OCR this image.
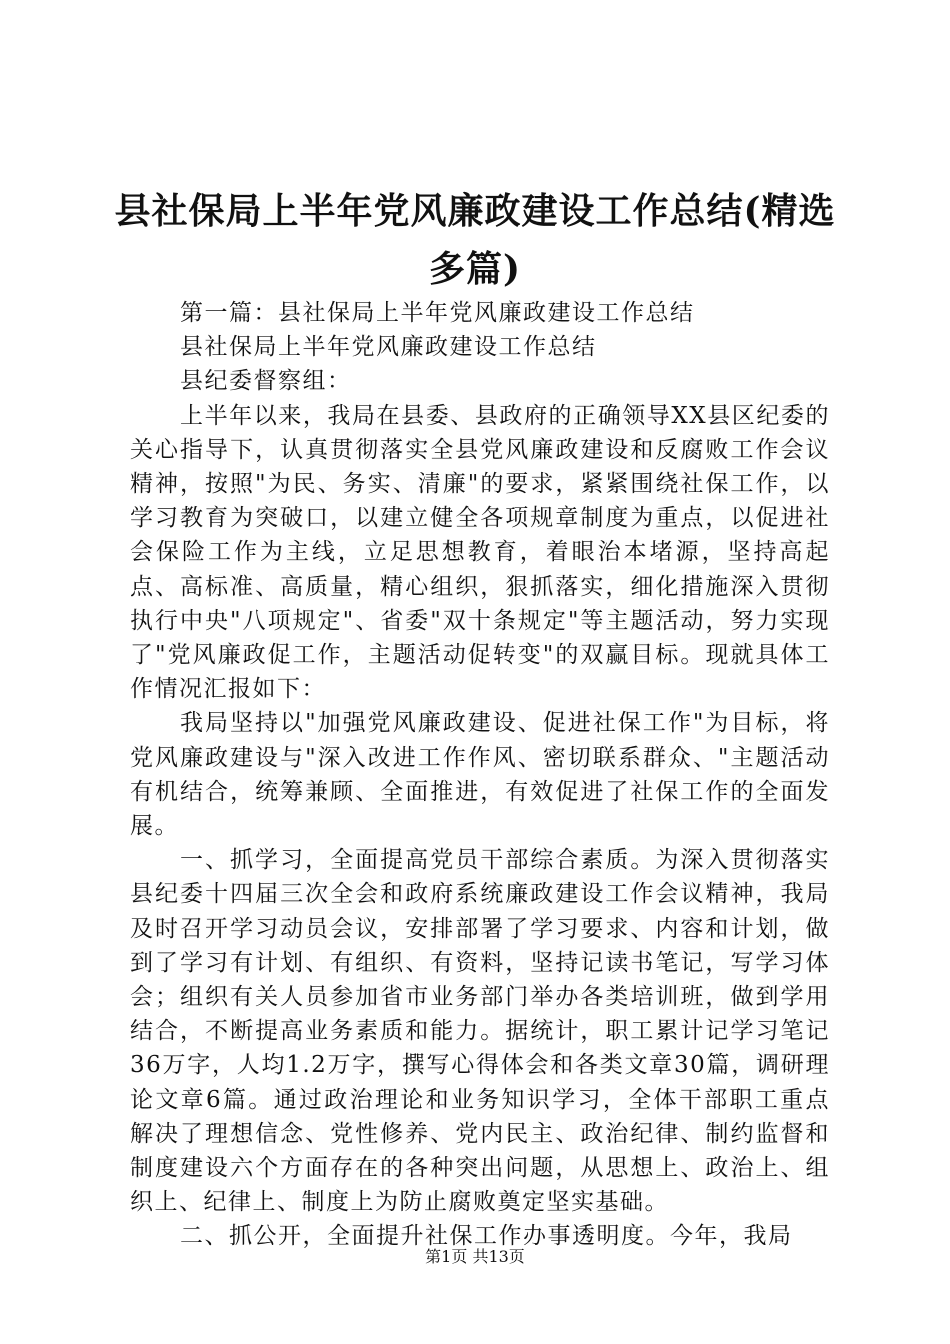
县社保局上半年党风廉政建设工作总结(精选
多篇)

第一篇：县社保局上半年党风廉政建设工作总结

县社保局上半年党风廉政建设工作总结

县纪委督察组：

上半年以来，我局在县委、县政府的正确领导XX县区纪委的关心指导下，认真贯彻落实全县党风廉政建设和反腐败工作会议精神，按照"为民、务实、清廉"的要求，紧紧围绕社保工作，以学习教育为突破口，以建立健全各项规章制度为重点，以促进社会保险工作为主线，立足思想教育，着眼治本堵源，坚持高起点、高标准、高质量，精心组织，狠抓落实，细化措施深入贯彻执行中央"八项规定"、省委"双十条规定"等主题活动，努力实现了"党风廉政促工作，主题活动促转变"的双赢目标。现就具体工作情况汇报如下：

我局坚持以"加强党风廉政建设、促进社保工作"为目标，将党风廉政建设与"深入改进工作作风、密切联系群众、"主题活动有机结合，统筹兼顾、全面推进，有效促进了社保工作的全面发展。

一、抓学习，全面提高党员干部综合素质。为深入贯彻落实县纪委十四届三次全会和政府系统廉政建设工作会议精神，我局及时召开学习动员会议，安排部署了学习要求、内容和计划，做到了学习有计划、有组织、有资料，坚持记读书笔记，写学习体会；组织有关人员参加省市业务部门举办各类培训班，做到学用结合，不断提高业务素质和能力。据统计，职工累计记学习笔记36万字，人均1.2万字，撰写心得体会和各类文章30篇，调研理论文章6篇。通过政治理论和业务知识学习，全体干部职工重点解决了理想信念、党性修养、党内民主、政治纪律、制约监督和制度建设六个方面存在的各种突出问题，从思想上、政治上、组织上、纪律上、制度上为防止腐败奠定坚实基础。

二、抓公开，全面提升社保工作办事透明度。今年，我局

第1页 共13页
